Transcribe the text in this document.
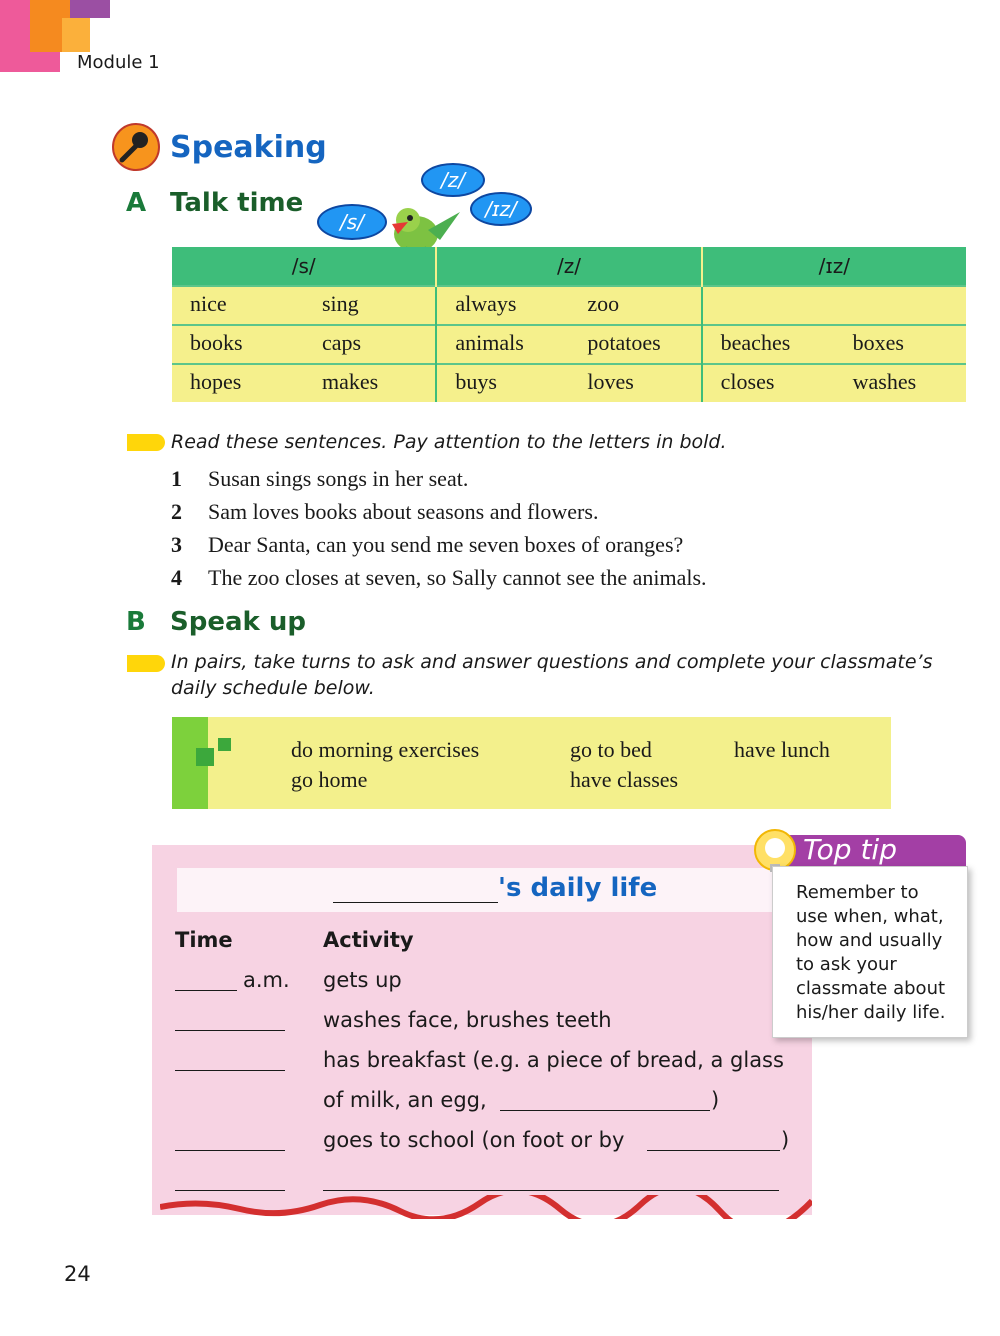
Module 1
Speaking
A Talk time
/s/
/z/
/ɪz/
/s/	/z/	/ɪz/

nice sing	always zoo	

books caps	animals potatoes	beaches boxes

hopes makes	buys loves	closes washes
Read these sentences. Pay attention to the letters in bold.
1 Susan sings songs in her seat.
2 Sam loves books about seasons and flowers.
3 Dear Santa, can you send me seven boxes of oranges?
4 The zoo closes at seven, so Sally cannot see the animals.
B Speak up
In pairs, take turns to ask and answer questions and complete your classmate’s
daily schedule below.
do morning exercises	go to bed	have lunch
go home	have classes
's daily life
Time	Activity
a.m. gets up
washes face, brushes teeth
has breakfast (e.g. a piece of bread, a glass
of milk, an egg,	)
goes to school (on foot or by	)
Top tip
Remember to
use when, what,
how and usually
to ask your
classmate about
his/her daily life.
24
